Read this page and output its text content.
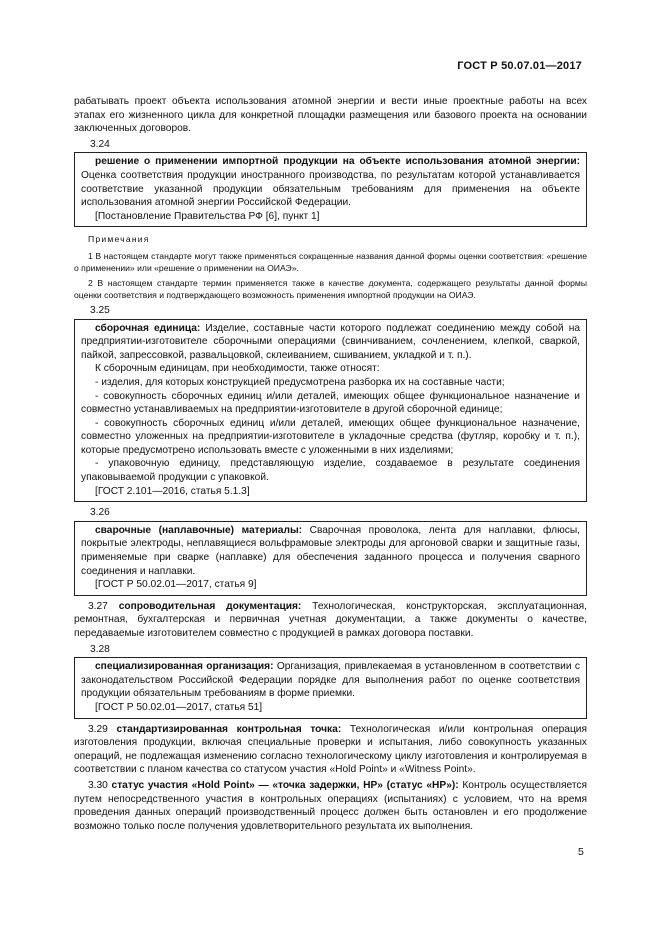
ГОСТ Р 50.07.01—2017

рабатывать проект объекта использования атомной энергии и вести иные проектные работы на всех этапах его жизненного цикла для конкретной площадки размещения или базового проекта на основании заключенных договоров.

3.24

решение о применении импортной продукции на объекте использования атомной энергии: Оценка соответствия продукции иностранного производства, по результатам которой устанавливается соответствие указанной продукции обязательным требованиям для применения на объекте использования атомной энергии Российской Федерации.

[Постановление Правительства РФ [6], пункт 1]

Примечания

1 В настоящем стандарте могут также применяться сокращенные названия данной формы оценки соответствия: «решение о применении» или «решение о применении на ОИАЭ».

2 В настоящем стандарте термин применяется также в качестве документа, содержащего результаты данной формы оценки соответствия и подтверждающего возможность применения импортной продукции на ОИАЭ.

3.25

сборочная единица: Изделие, составные части которого подлежат соединению между собой на предприятии-изготовителе сборочными операциями (свинчиванием, сочленением, клепкой, сваркой, пайкой, запрессовкой, развальцовкой, склеиванием, сшиванием, укладкой и т. п.).

К сборочным единицам, при необходимости, также относят:

- изделия, для которых конструкцией предусмотрена разборка их на составные части;

- совокупность сборочных единиц и/или деталей, имеющих общее функциональное назначение и совместно устанавливаемых на предприятии-изготовителе в другой сборочной единице;

- совокупность сборочных единиц и/или деталей, имеющих общее функциональное назначение, совместно уложенных на предприятии-изготовителе в укладочные средства (футляр, коробку и т. п.), которые предусмотрено использовать вместе с уложенными в них изделиями;

- упаковочную единицу, представляющую изделие, создаваемое в результате соединения упаковываемой продукции с упаковкой.

[ГОСТ 2.101—2016, статья 5.1.3]

3.26

сварочные (наплавочные) материалы: Сварочная проволока, лента для наплавки, флюсы, покрытые электроды, неплавящиеся вольфрамовые электроды для аргоновой сварки и защитные газы, применяемые при сварке (наплавке) для обеспечения заданного процесса и получения сварного соединения и наплавки.

[ГОСТ Р 50.02.01—2017, статья 9]

3.27 сопроводительная документация: Технологическая, конструкторская, эксплуатационная, ремонтная, бухгалтерская и первичная учетная документации, а также документы о качестве, передаваемые изготовителем совместно с продукцией в рамках договора поставки.

3.28

специализированная организация: Организация, привлекаемая в установленном в соответствии с законодательством Российской Федерации порядке для выполнения работ по оценке соответствия продукции обязательным требованиям в форме приемки.

[ГОСТ Р 50.02.01—2017, статья 51]

3.29 стандартизированная контрольная точка: Технологическая и/или контрольная операция изготовления продукции, включая специальные проверки и испытания, либо совокупность указанных операций, не подлежащая изменению согласно технологическому циклу изготовления и контролируемая в соответствии с планом качества со статусом участия «Hold Point» и «Witness Point».

3.30 статус участия «Hold Point» — «точка задержки, НР» (статус «НР»): Контроль осуществляется путем непосредственного участия в контрольных операциях (испытаниях) с условием, что на время проведения данных операций производственный процесс должен быть остановлен и его продолжение возможно только после получения удовлетворительного результата их выполнения.

5
